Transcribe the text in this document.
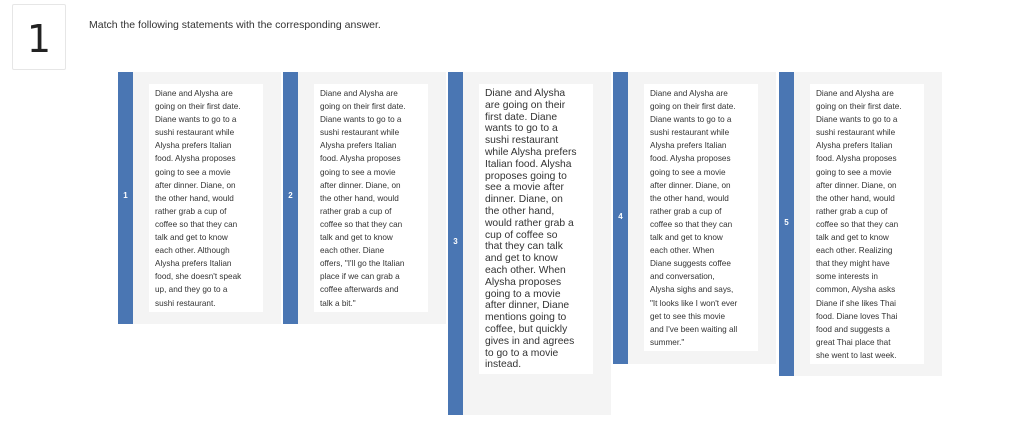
1	Match the following statements with the corresponding answer.
1
Diane and Alysha are
going on their first date.
Diane wants to go to a
sushi restaurant while
Alysha prefers Italian
food. Alysha proposes
going to see a movie
after dinner. Diane, on
the other hand, would
rather grab a cup of
coffee so that they can
talk and get to know
each other. Although
Alysha prefers Italian
food, she doesn't speak
up, and they go to a
sushi restaurant.
2
Diane and Alysha are
going on their first date.
Diane wants to go to a
sushi restaurant while
Alysha prefers Italian
food. Alysha proposes
going to see a movie
after dinner. Diane, on
the other hand, would
rather grab a cup of
coffee so that they can
talk and get to know
each other. Diane
offers, "I'll go the Italian
place if we can grab a
coffee afterwards and
talk a bit."
3
Diane and Alysha
are going on their
first date. Diane
wants to go to a
sushi restaurant
while Alysha prefers
Italian food. Alysha
proposes going to
see a movie after
dinner. Diane, on
the other hand,
would rather grab a
cup of coffee so
that they can talk
and get to know
each other. When
Alysha proposes
going to a movie
after dinner, Diane
mentions going to
coffee, but quickly
gives in and agrees
to go to a movie
instead.
4
Diane and Alysha are
going on their first date.
Diane wants to go to a
sushi restaurant while
Alysha prefers Italian
food. Alysha proposes
going to see a movie
after dinner. Diane, on
the other hand, would
rather grab a cup of
coffee so that they can
talk and get to know
each other. When
Diane suggests coffee
and conversation,
Alysha sighs and says,
"It looks like I won't ever
get to see this movie
and I've been waiting all
summer."
5
Diane and Alysha are
going on their first date.
Diane wants to go to a
sushi restaurant while
Alysha prefers Italian
food. Alysha proposes
going to see a movie
after dinner. Diane, on
the other hand, would
rather grab a cup of
coffee so that they can
talk and get to know
each other. Realizing
that they might have
some interests in
common, Alysha asks
Diane if she likes Thai
food. Diane loves Thai
food and suggests a
great Thai place that
she went to last week.
